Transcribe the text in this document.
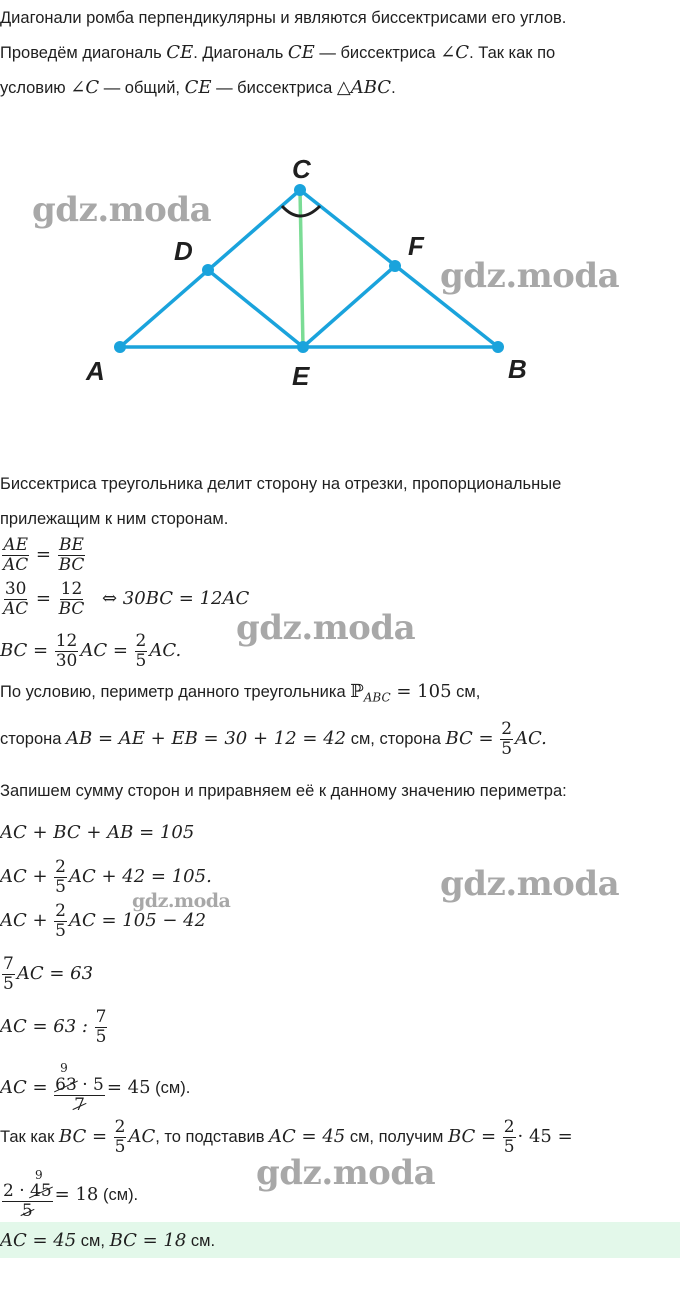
Диагонали ромба перпендикулярны и являются биссектрисами его углов.
Проведём диагональ CE. Диагональ CE — биссектриса ∠C. Так как по
условию ∠C — общий, CE — биссектриса △ABC.
A	B
C
D
E
F
gdz.moda
gdz.moda
gdz.moda
gdz.moda
gdz.moda
gdz.moda
Биссектриса треугольника делит сторону на отрезки, пропорциональные
прилежащим к ним сторонам.
$\frac{AE}{AC} = \frac{BE}{BC}$
$\frac{30}{AC} = \frac{12}{BC}$ ⇔ 30BC = 12AC
BC = $\frac{12}{30}$ AC = $\frac{2}{5}$ AC.
По условию, периметр данного треугольника ℙ$_{ABC}$ = 105 см,
сторона AB = AE + EB = 30 + 12 = 42 см, сторона BC = $\frac{2}{5}$ AC.
Запишем сумму сторон и приравняем её к данному значению периметра:
AC + BC + AB = 105
AC + $\frac{2}{5}$ AC + 42 = 105.
AC + $\frac{2}{5}$ AC = 105 − 42
$\frac{7}{5}$ AC = 63
AC = 63 : $\frac{7}{5}$
AC =
9
63 · 5
7
= 45 (см).
Так как BC = $\frac{2}{5}$ AC, то подставив AC = 45 см, получим BC = $\frac{2}{5} \cdot 45$ =
9
2 · 45
5
= 18 (см).
AC = 45 см, BC = 18 см.
